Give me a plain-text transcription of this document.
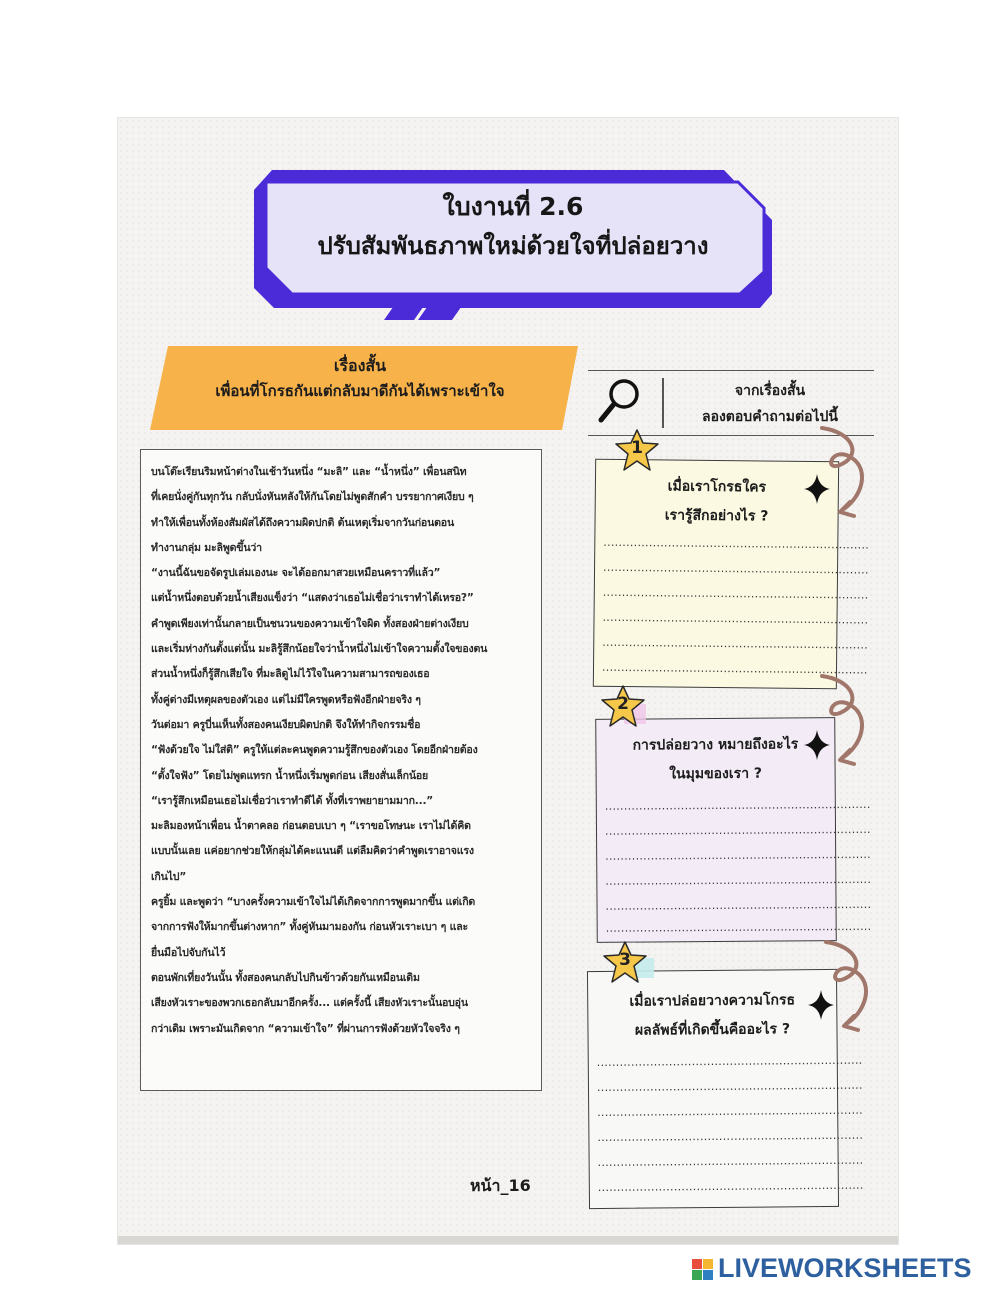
ใบงานที่ 2.6
ปรับสัมพันธภาพใหม่ด้วยใจที่ปล่อยวาง
เรื่องสั้น
เพื่อนที่โกรธกันแต่กลับมาดีกันได้เพราะเข้าใจ

บนโต๊ะเรียนริมหน้าต่างในเช้าวันหนึ่ง “มะลิ” และ “น้ำหนึ่ง” เพื่อนสนิท

ที่เคยนั่งคู่กันทุกวัน กลับนั่งหันหลังให้กันโดยไม่พูดสักคำ บรรยากาศเงียบ ๆ

ทำให้เพื่อนทั้งห้องสัมผัสได้ถึงความผิดปกติ ต้นเหตุเริ่มจากวันก่อนตอน

ทำงานกลุ่ม มะลิพูดขึ้นว่า

“งานนี้ฉันขอจัดรูปเล่มเองนะ จะได้ออกมาสวยเหมือนคราวที่แล้ว”

แต่น้ำหนึ่งตอบด้วยน้ำเสียงแข็งว่า “แสดงว่าเธอไม่เชื่อว่าเราทำได้เหรอ?”

คำพูดเพียงเท่านั้นกลายเป็นชนวนของความเข้าใจผิด ทั้งสองฝ่ายต่างเงียบ

และเริ่มห่างกันตั้งแต่นั้น มะลิรู้สึกน้อยใจว่าน้ำหนึ่งไม่เข้าใจความตั้งใจของตน

ส่วนน้ำหนึ่งก็รู้สึกเสียใจ ที่มะลิดูไม่ไว้ใจในความสามารถของเธอ

ทั้งคู่ต่างมีเหตุผลของตัวเอง แต่ไม่มีใครพูดหรือฟังอีกฝ่ายจริง ๆ

วันต่อมา ครูบี่นเห็นทั้งสองคนเงียบผิดปกติ จึงให้ทำกิจกรรมชื่อ

“ฟังด้วยใจ ไม่ใส่ติ” ครูให้แต่ละคนพูดความรู้สึกของตัวเอง โดยอีกฝ่ายต้อง

“ตั้งใจฟัง” โดยไม่พูดแทรก น้ำหนึ่งเริ่มพูดก่อน เสียงสั่นเล็กน้อย

“เรารู้สึกเหมือนเธอไม่เชื่อว่าเราทำดีได้ ทั้งที่เราพยายามมาก...”

มะลิมองหน้าเพื่อน น้ำตาคลอ ก่อนตอบเบา ๆ “เราขอโทษนะ เราไม่ได้คิด

แบบนั้นเลย แค่อยากช่วยให้กลุ่มได้คะแนนดี แต่ลืมคิดว่าคำพูดเราอาจแรง

เกินไป”

ครูยิ้ม และพูดว่า “บางครั้งความเข้าใจไม่ได้เกิดจากการพูดมากขึ้น แต่เกิด

จากการฟังให้มากขึ้นต่างหาก” ทั้งคู่หันมามองกัน ก่อนหัวเราะเบา ๆ และ

ยื่นมือไปจับกันไว้

ตอนพักเที่ยงวันนั้น ทั้งสองคนกลับไปกินข้าวด้วยกันเหมือนเดิม

เสียงหัวเราะของพวกเธอกลับมาอีกครั้ง... แต่ครั้งนี้ เสียงหัวเราะนั้นอบอุ่น

กว่าเดิม เพราะมันเกิดจาก “ความเข้าใจ” ที่ผ่านการฟังด้วยหัวใจจริง ๆ

หน้า_16
จากเรื่องสั้น
ลองตอบคำถามต่อไปนี้
เมื่อเราโกรธใคร
เรารู้สึกอย่างไร ?
......................................................................
......................................................................
......................................................................
......................................................................
......................................................................
......................................................................
การปล่อยวาง หมายถึงอะไร
ในมุมของเรา ?
......................................................................
......................................................................
......................................................................
......................................................................
......................................................................
......................................................................
เมื่อเราปล่อยวางความโกรธ
ผลลัพธ์ที่เกิดขึ้นคืออะไร ?
......................................................................
......................................................................
......................................................................
......................................................................
......................................................................
......................................................................
1
2
3
LIVEWORKSHEETS
